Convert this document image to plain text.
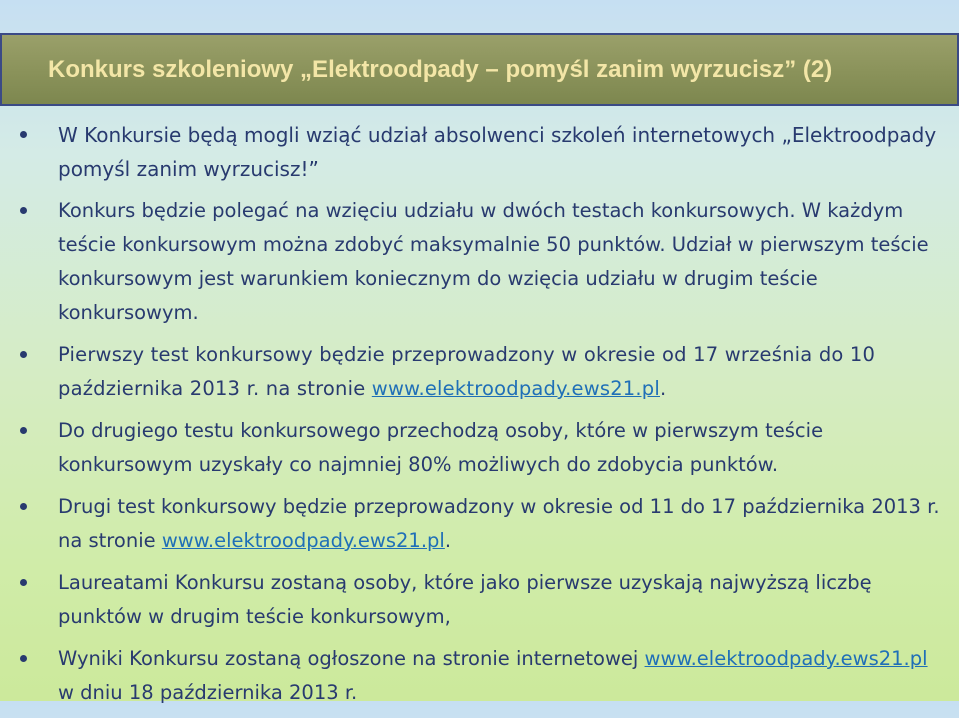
Konkurs szkoleniowy „Elektroodpady – pomyśl zanim wyrzucisz” (2)
W Konkursie będą mogli wziąć udział absolwenci szkoleń internetowych „Elektroodpady pomyśl zanim wyrzucisz!”
Konkurs będzie polegać na wzięciu udziału w dwóch testach konkursowych. W każdym teście konkursowym można zdobyć maksymalnie 50 punktów. Udział w pierwszym teście konkursowym jest warunkiem koniecznym do wzięcia udziału w drugim teście konkursowym.
Pierwszy test konkursowy będzie przeprowadzony w okresie od 17 września do 10 października 2013 r. na stronie www.elektroodpady.ews21.pl.
Do drugiego testu konkursowego przechodzą osoby, które w pierwszym teście konkursowym uzyskały co najmniej 80% możliwych do zdobycia punktów.
Drugi test konkursowy będzie przeprowadzony w okresie od 11 do 17 października 2013 r. na stronie www.elektroodpady.ews21.pl.
Laureatami Konkursu zostaną osoby, które jako pierwsze uzyskają najwyższą liczbę punktów w drugim teście konkursowym,
Wyniki Konkursu zostaną ogłoszone na stronie internetowej www.elektroodpady.ews21.pl w dniu 18 października 2013 r.
